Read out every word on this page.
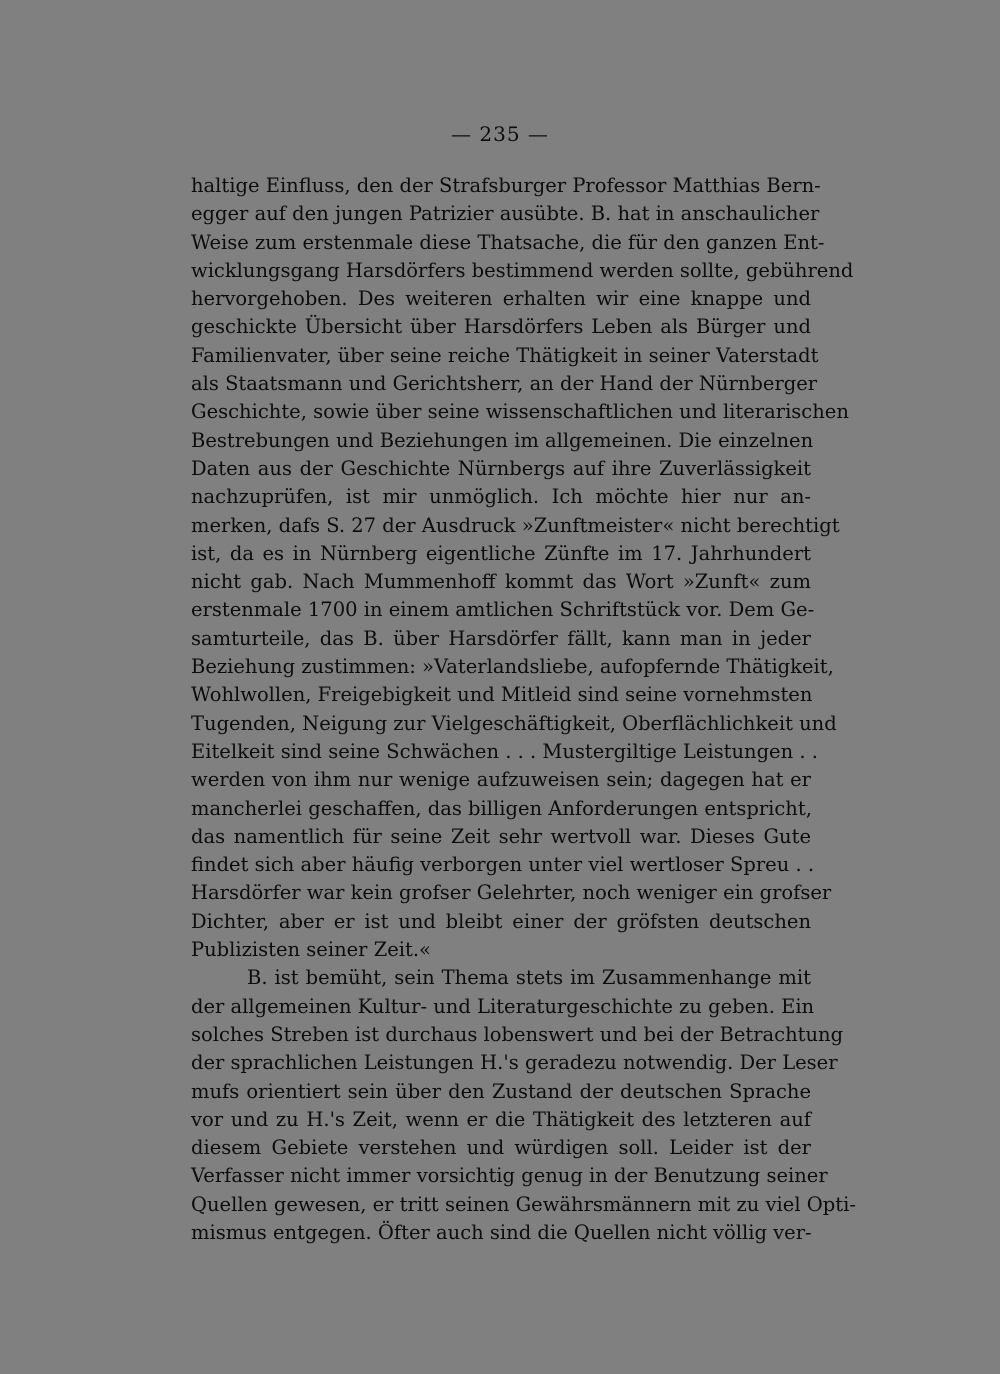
— 235 —
haltige Einfluss, den der Strafsburger Professor Matthias Bern-
egger auf den jungen Patrizier ausübte. B. hat in anschaulicher
Weise zum erstenmale diese Thatsache, die für den ganzen Ent-
wicklungsgang Harsdörfers bestimmend werden sollte, gebührend
hervorgehoben. Des weiteren erhalten wir eine knappe und
geschickte Übersicht über Harsdörfers Leben als Bürger und
Familienvater, über seine reiche Thätigkeit in seiner Vaterstadt
als Staatsmann und Gerichtsherr, an der Hand der Nürnberger
Geschichte, sowie über seine wissenschaftlichen und literarischen
Bestrebungen und Beziehungen im allgemeinen. Die einzelnen
Daten aus der Geschichte Nürnbergs auf ihre Zuverlässigkeit
nachzuprüfen, ist mir unmöglich. Ich möchte hier nur an-
merken, dafs S. 27 der Ausdruck »Zunftmeister« nicht berechtigt
ist, da es in Nürnberg eigentliche Zünfte im 17. Jahrhundert
nicht gab. Nach Mummenhoff kommt das Wort »Zunft« zum
erstenmale 1700 in einem amtlichen Schriftstück vor. Dem Ge-
samturteile, das B. über Harsdörfer fällt, kann man in jeder
Beziehung zustimmen: »Vaterlandsliebe, aufopfernde Thätigkeit,
Wohlwollen, Freigebigkeit und Mitleid sind seine vornehmsten
Tugenden, Neigung zur Vielgeschäftigkeit, Oberflächlichkeit und
Eitelkeit sind seine Schwächen . . . Mustergiltige Leistungen . .
werden von ihm nur wenige aufzuweisen sein; dagegen hat er
mancherlei geschaffen, das billigen Anforderungen entspricht,
das namentlich für seine Zeit sehr wertvoll war. Dieses Gute
findet sich aber häufig verborgen unter viel wertloser Spreu . .
Harsdörfer war kein grofser Gelehrter, noch weniger ein grofser
Dichter, aber er ist und bleibt einer der gröfsten deutschen
Publizisten seiner Zeit.«
B. ist bemüht, sein Thema stets im Zusammenhange mit
der allgemeinen Kultur- und Literaturgeschichte zu geben. Ein
solches Streben ist durchaus lobenswert und bei der Betrachtung
der sprachlichen Leistungen H.'s geradezu notwendig. Der Leser
mufs orientiert sein über den Zustand der deutschen Sprache
vor und zu H.'s Zeit, wenn er die Thätigkeit des letzteren auf
diesem Gebiete verstehen und würdigen soll. Leider ist der
Verfasser nicht immer vorsichtig genug in der Benutzung seiner
Quellen gewesen, er tritt seinen Gewährsmännern mit zu viel Opti-
mismus entgegen. Öfter auch sind die Quellen nicht völlig ver-
